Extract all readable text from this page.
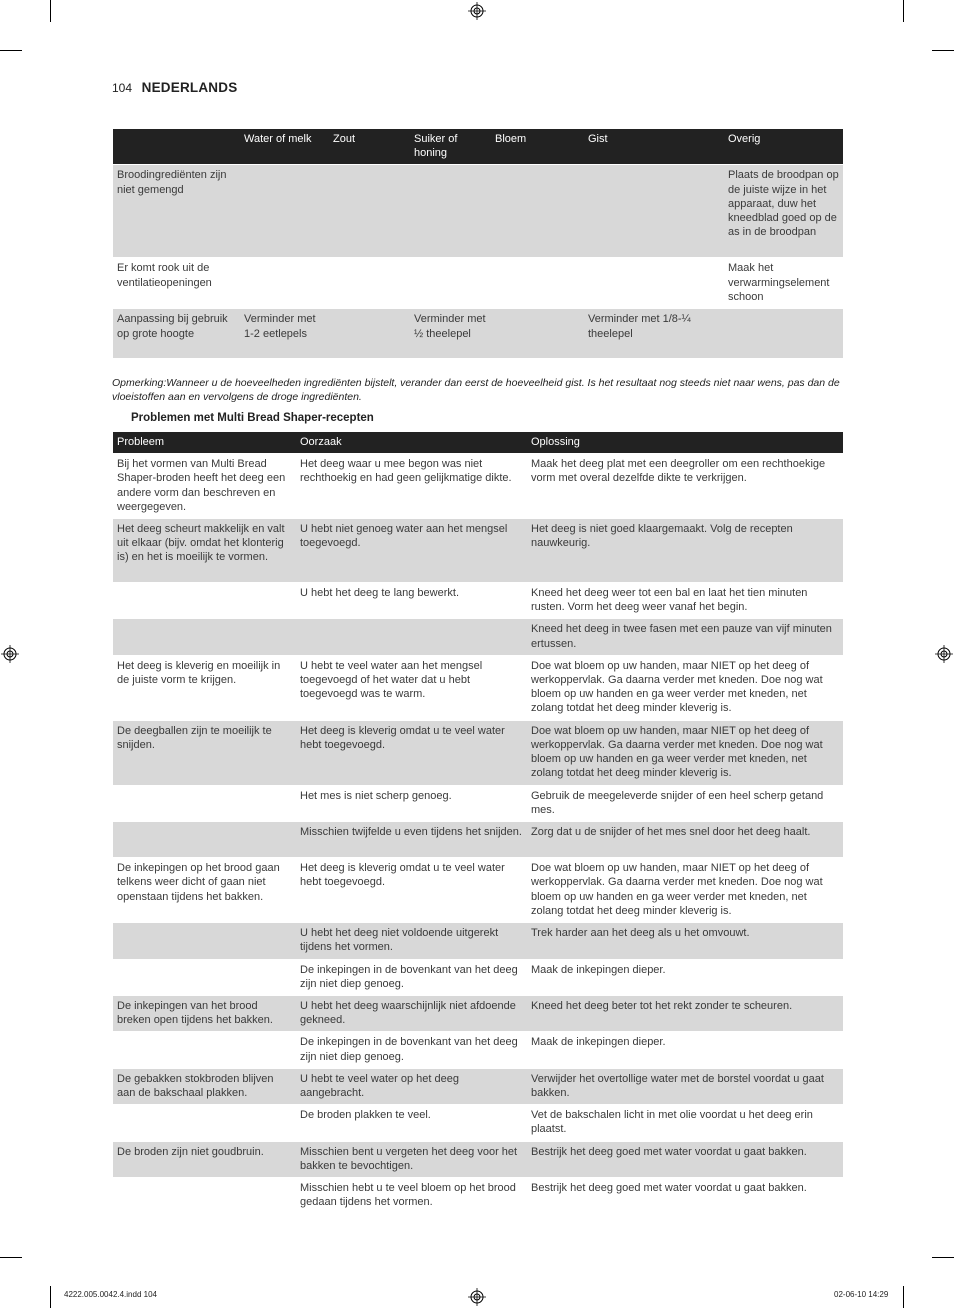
104 NEDERLANDS
	Water of melk	Zout	Suiker of honing	Bloem	Gist	Overig
Broodingrediënten zijn niet gemengd						Plaats de broodpan op de juiste wijze in het apparaat, duw het kneedblad goed op de as in de broodpan
Er komt rook uit de ventilatieopeningen						Maak het verwarmingselement schoon
Aanpassing bij gebruik op grote hoogte	Verminder met 1-2 eetlepels		Verminder met ½ theelepel		Verminder met 1/8-¼ theelepel	
Opmerking:Wanneer u de hoeveelheden ingrediënten bijstelt, verander dan eerst de hoeveelheid gist. Is het resultaat nog steeds niet naar wens, pas dan de vloeistoffen aan en vervolgens de droge ingrediënten.
Problemen met Multi Bread Shaper-recepten
Probleem	Oorzaak	Oplossing
Bij het vormen van Multi Bread Shaper-broden heeft het deeg een andere vorm dan beschreven en weergegeven.	Het deeg waar u mee begon was niet rechthoekig en had geen gelijkmatige dikte.	Maak het deeg plat met een deegroller om een rechthoekige vorm met overal dezelfde dikte te verkrijgen.
Het deeg scheurt makkelijk en valt uit elkaar (bijv. omdat het klonterig is) en het is moeilijk te vormen.	U hebt niet genoeg water aan het mengsel toegevoegd.	Het deeg is niet goed klaargemaakt. Volg de recepten nauwkeurig.
	U hebt het deeg te lang bewerkt.	Kneed het deeg weer tot een bal en laat het tien minuten rusten. Vorm het deeg weer vanaf het begin.
		Kneed het deeg in twee fasen met een pauze van vijf minuten ertussen.
Het deeg is kleverig en moeilijk in de juiste vorm te krijgen.	U hebt te veel water aan het mengsel toegevoegd of het water dat u hebt toegevoegd was te warm.	Doe wat bloem op uw handen, maar NIET op het deeg of werkoppervlak. Ga daarna verder met kneden. Doe nog wat bloem op uw handen en ga weer verder met kneden, net zolang totdat het deeg minder kleverig is.
De deegballen zijn te moeilijk te snijden.	Het deeg is kleverig omdat u te veel water hebt toegevoegd.	Doe wat bloem op uw handen, maar NIET op het deeg of werkoppervlak. Ga daarna verder met kneden. Doe nog wat bloem op uw handen en ga weer verder met kneden, net zolang totdat het deeg minder kleverig is.
	Het mes is niet scherp genoeg.	Gebruik de meegeleverde snijder of een heel scherp getand mes.
	Misschien twijfelde u even tijdens het snijden.	Zorg dat u de snijder of het mes snel door het deeg haalt.
De inkepingen op het brood gaan telkens weer dicht of gaan niet openstaan tijdens het bakken.	Het deeg is kleverig omdat u te veel water hebt toegevoegd.	Doe wat bloem op uw handen, maar NIET op het deeg of werkoppervlak. Ga daarna verder met kneden. Doe nog wat bloem op uw handen en ga weer verder met kneden, net zolang totdat het deeg minder kleverig is.
	U hebt het deeg niet voldoende uitgerekt tijdens het vormen.	Trek harder aan het deeg als u het omvouwt.
	De inkepingen in de bovenkant van het deeg zijn niet diep genoeg.	Maak de inkepingen dieper.
De inkepingen van het brood breken open tijdens het bakken.	U hebt het deeg waarschijnlijk niet afdoende gekneed.	Kneed het deeg beter tot het rekt zonder te scheuren.
	De inkepingen in de bovenkant van het deeg zijn niet diep genoeg.	Maak de inkepingen dieper.
De gebakken stokbroden blijven aan de bakschaal plakken.	U hebt te veel water op het deeg aangebracht.	Verwijder het overtollige water met de borstel voordat u gaat bakken.
	De broden plakken te veel.	Vet de bakschalen licht in met olie voordat u het deeg erin plaatst.
De broden zijn niet goudbruin.	Misschien bent u vergeten het deeg voor het bakken te bevochtigen.	Bestrijk het deeg goed met water voordat u gaat bakken.
	Misschien hebt u te veel bloem op het brood gedaan tijdens het vormen.	Bestrijk het deeg goed met water voordat u gaat bakken.
4222.005.0042.4.indd 104	02-06-10 14:29
